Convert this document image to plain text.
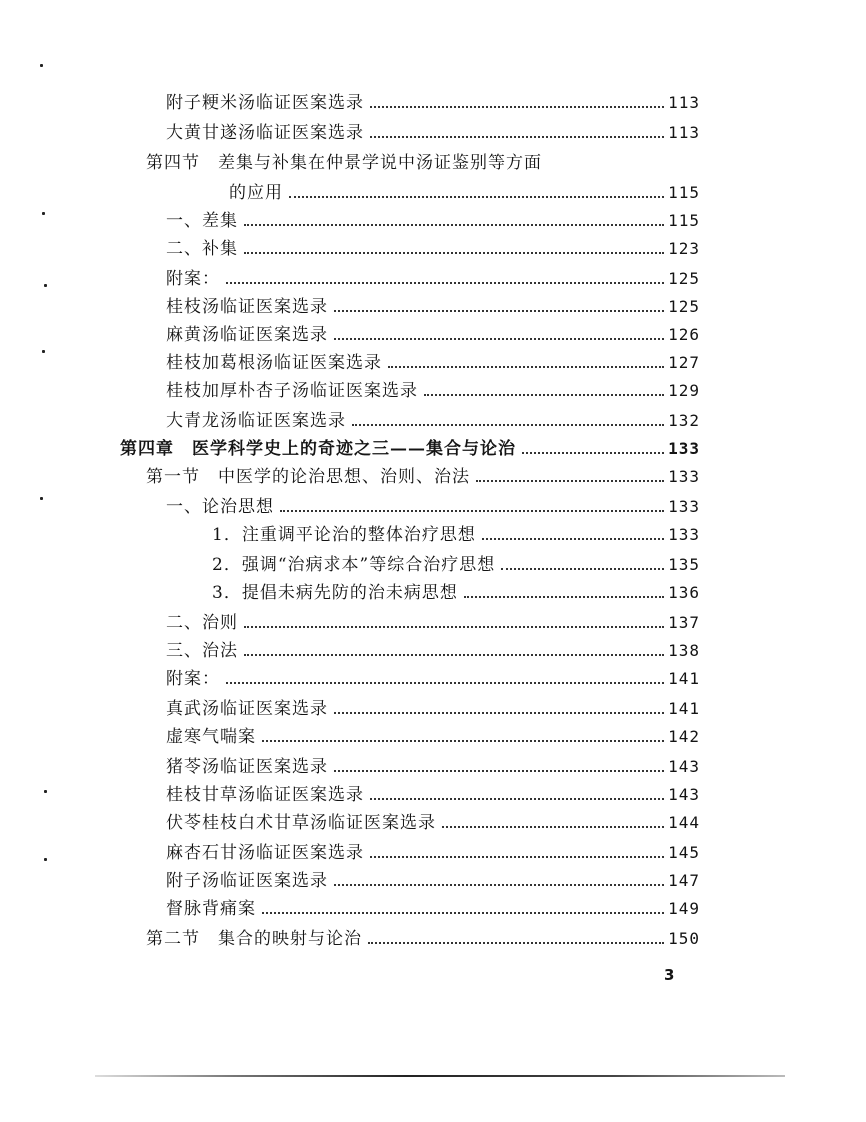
附子粳米汤临证医案选录	113
大黄甘遂汤临证医案选录	113
第四节　差集与补集在仲景学说中汤证鉴别等方面
的应用	115
一、差集	115
二、补集	123
附案：	125
桂枝汤临证医案选录	125
麻黄汤临证医案选录	126
桂枝加葛根汤临证医案选录	127
桂枝加厚朴杏子汤临证医案选录	129
大青龙汤临证医案选录	132
第四章　医学科学史上的奇迹之三——集合与论治	133
第一节　中医学的论治思想、治则、治法	133
一、论治思想	133
1．注重调平论治的整体治疗思想	133
2．强调“治病求本”等综合治疗思想	135
3．提倡未病先防的治未病思想	136
二、治则	137
三、治法	138
附案：	141
真武汤临证医案选录	141
虚寒气喘案	142
猪苓汤临证医案选录	143
桂枝甘草汤临证医案选录	143
伏苓桂枝白术甘草汤临证医案选录	144
麻杏石甘汤临证医案选录	145
附子汤临证医案选录	147
督脉背痛案	149
第二节　集合的映射与论治	150
3
